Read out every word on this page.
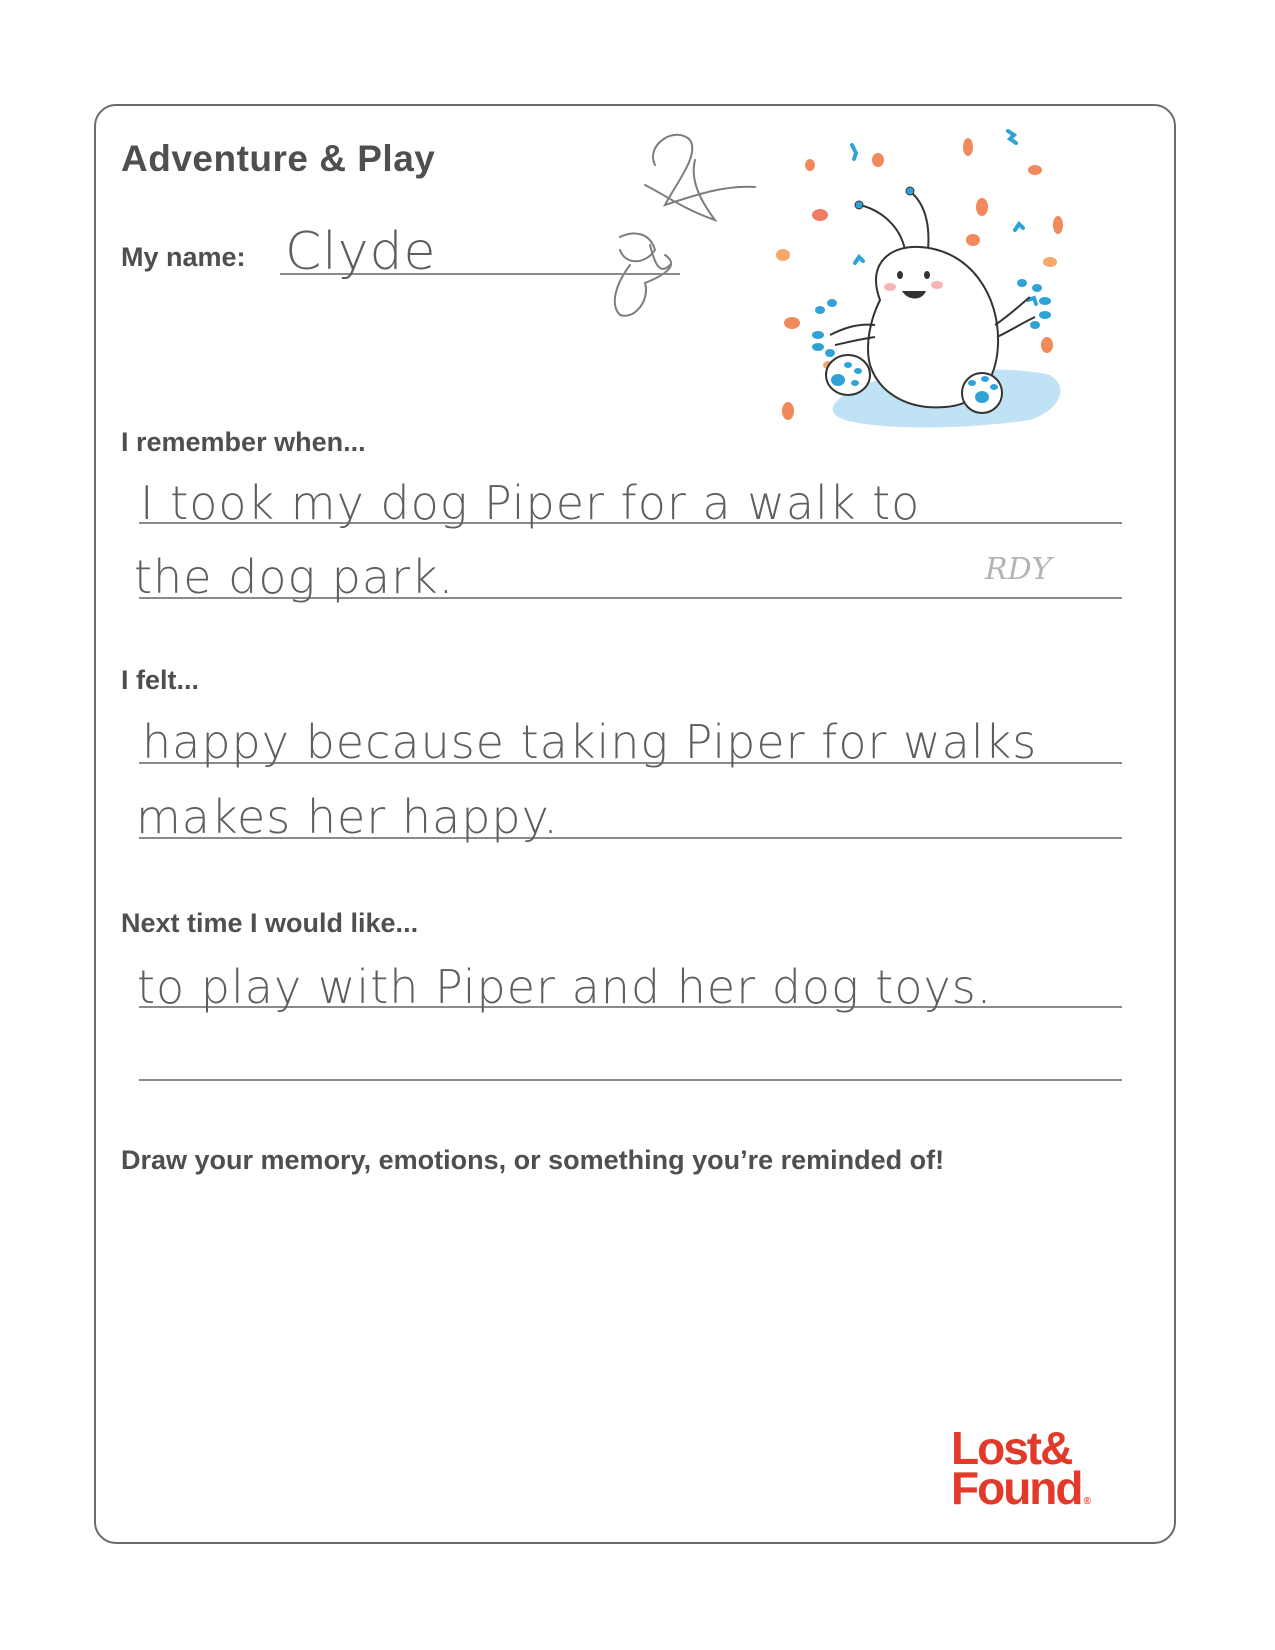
Adventure & Play
My name: Clyde
I remember when...
I took my dog Piper for a walk to
the dog park.	RDY
I felt...
happy because taking Piper for walks
makes her happy.
Next time I would like...
to play with Piper and her dog toys.
Draw your memory, emotions, or something you’re reminded of!
Lost&
Found ®
